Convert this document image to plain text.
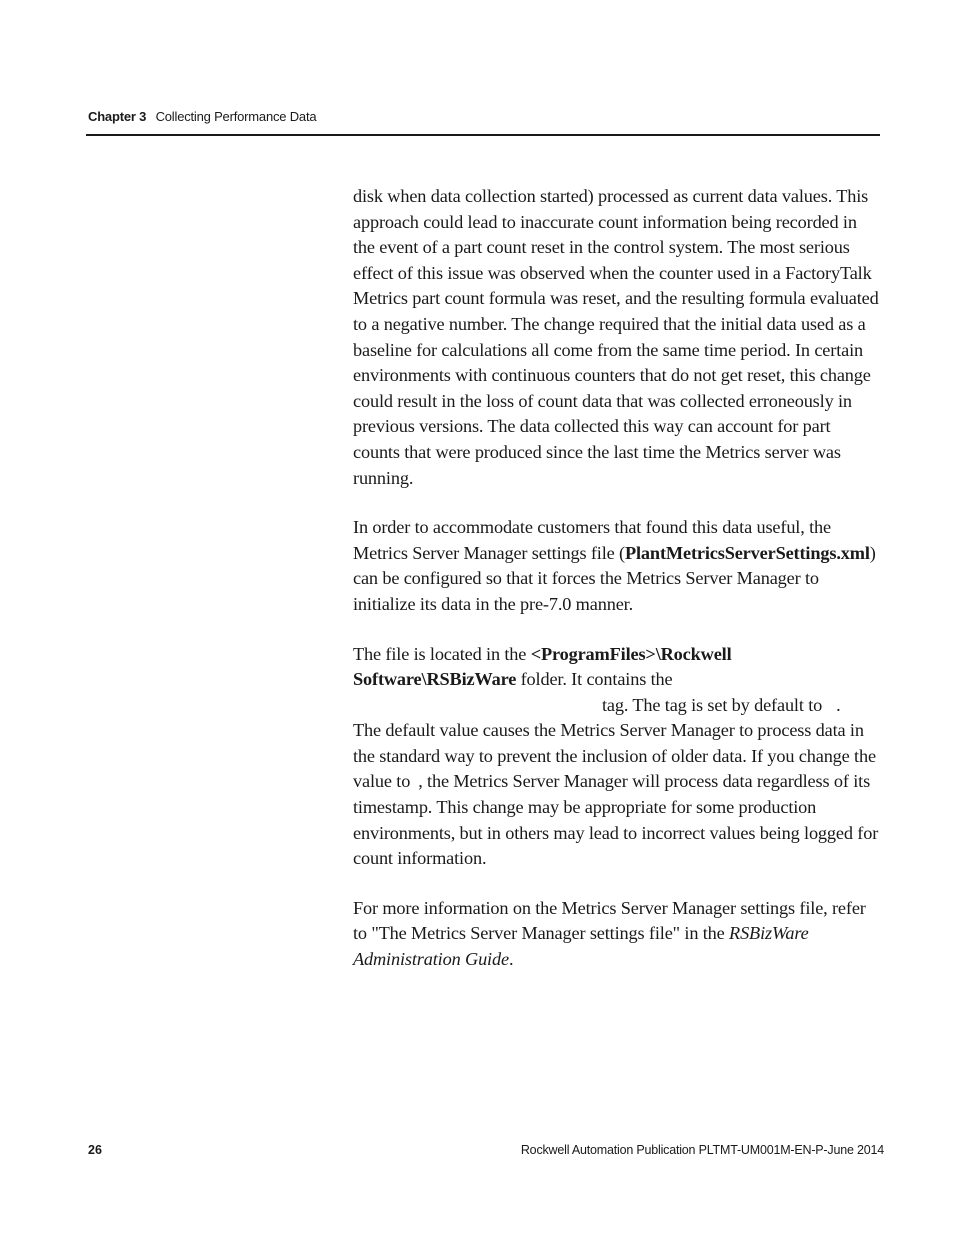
Chapter 3 Collecting Performance Data

disk when data collection started) processed as current data values. This approach could lead to inaccurate count information being recorded in the event of a part count reset in the control system. The most serious effect of this issue was observed when the counter used in a FactoryTalk Metrics part count formula was reset, and the resulting formula evaluated to a negative number. The change required that the initial data used as a baseline for calculations all come from the same time period. In certain environments with continuous counters that do not get reset, this change could result in the loss of count data that was collected erroneously in previous versions. The data collected this way can account for part counts that were produced since the last time the Metrics server was running.

In order to accommodate customers that found this data useful, the Metrics Server Manager settings file (PlantMetricsServerSettings.xml) can be configured so that it forces the Metrics Server Manager to initialize its data in the pre-7.0 manner.

The file is located in the <ProgramFiles>\Rockwell Software\RSBizWare folder. It contains the
tag. The tag is set by default to .
The default value causes the Metrics Server Manager to process data in the standard way to prevent the inclusion of older data. If you change the value to , the Metrics Server Manager will process data regardless of its timestamp. This change may be appropriate for some production environments, but in others may lead to incorrect values being logged for count information.

For more information on the Metrics Server Manager settings file, refer to "The Metrics Server Manager settings file" in the RSBizWare Administration Guide.

26	Rockwell Automation Publication PLTMT-UM001M-EN-P-June 2014
